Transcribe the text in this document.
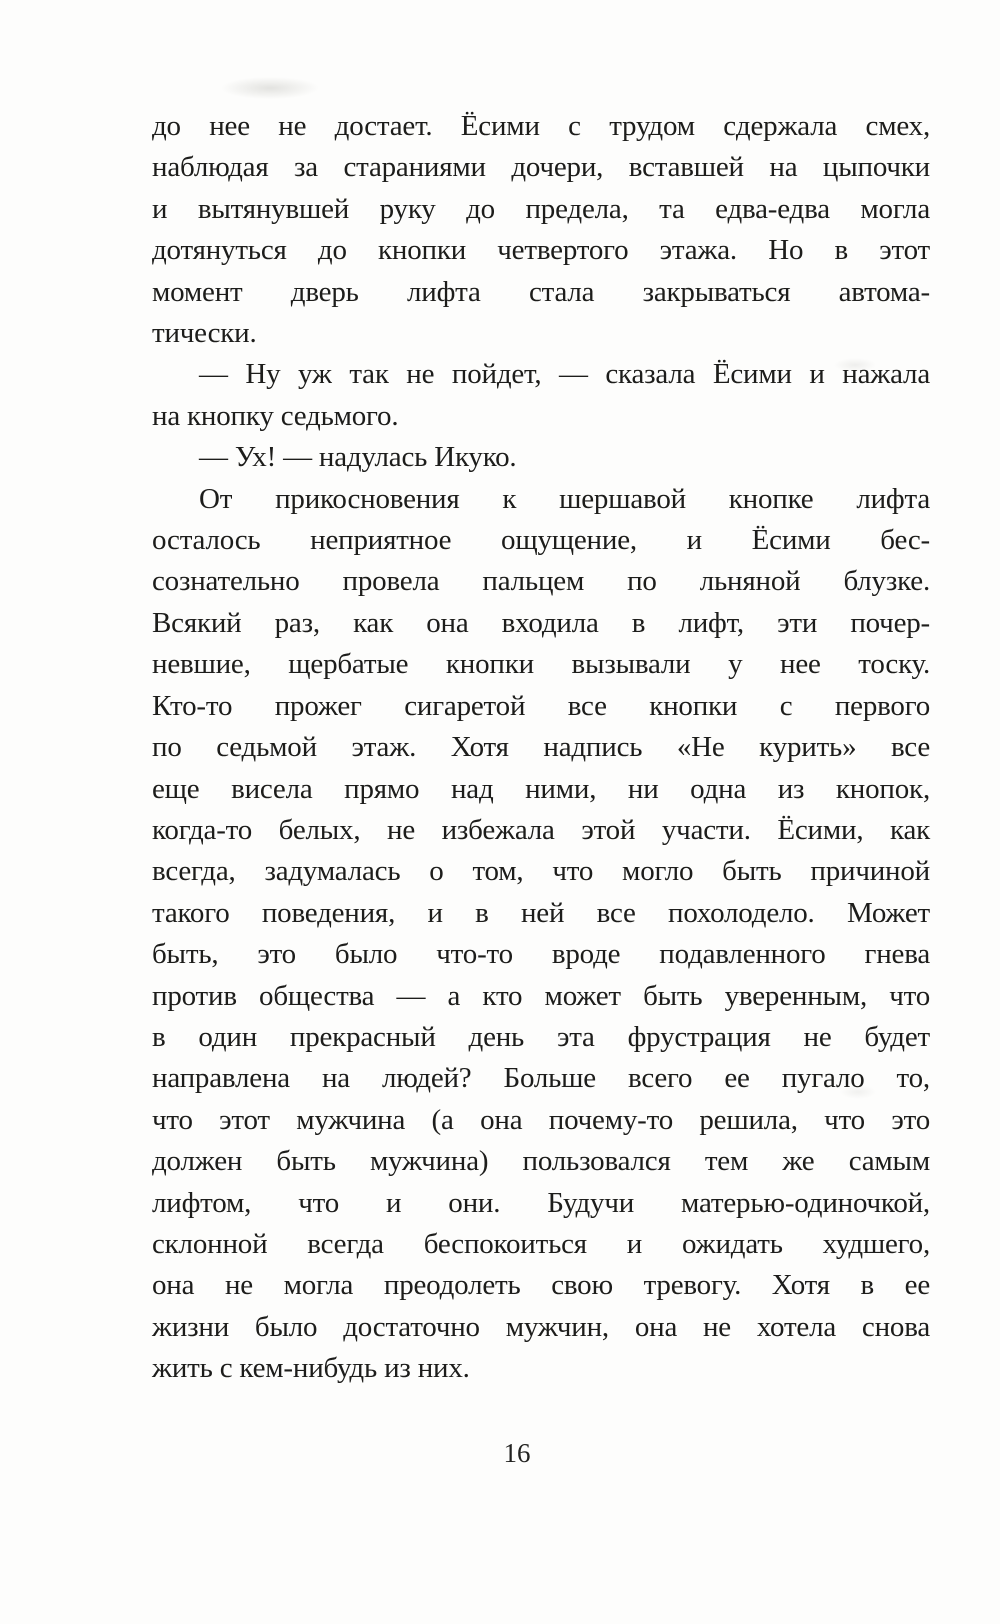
до нее не достает. Ёсими с трудом сдержала смех,
наблюдая за стараниями дочери, вставшей на цыпочки
и вытянувшей руку до предела, та едва-едва могла
дотянуться до кнопки четвертого этажа. Но в этот
момент дверь лифта стала закрываться автома-
тически.
— Ну уж так не пойдет, — сказала Ёсими и нажала
на кнопку седьмого.
— Ух! — надулась Икуко.
От прикосновения к шершавой кнопке лифта
осталось неприятное ощущение, и Ёсими бес-
сознательно провела пальцем по льняной блузке.
Всякий раз, как она входила в лифт, эти почер-
невшие, щербатые кнопки вызывали у нее тоску.
Кто-то прожег сигаретой все кнопки с первого
по седьмой этаж. Хотя надпись «Не курить» все
еще висела прямо над ними, ни одна из кнопок,
когда-то белых, не избежала этой участи. Ёсими, как
всегда, задумалась о том, что могло быть причиной
такого поведения, и в ней все похолодело. Может
быть, это было что-то вроде подавленного гнева
против общества — а кто может быть уверенным, что
в один прекрасный день эта фрустрация не будет
направлена на людей? Больше всего ее пугало то,
что этот мужчина (а она почему-то решила, что это
должен быть мужчина) пользовался тем же самым
лифтом, что и они. Будучи матерью-одиночкой,
склонной всегда беспокоиться и ожидать худшего,
она не могла преодолеть свою тревогу. Хотя в ее
жизни было достаточно мужчин, она не хотела снова
жить с кем-нибудь из них.
16
